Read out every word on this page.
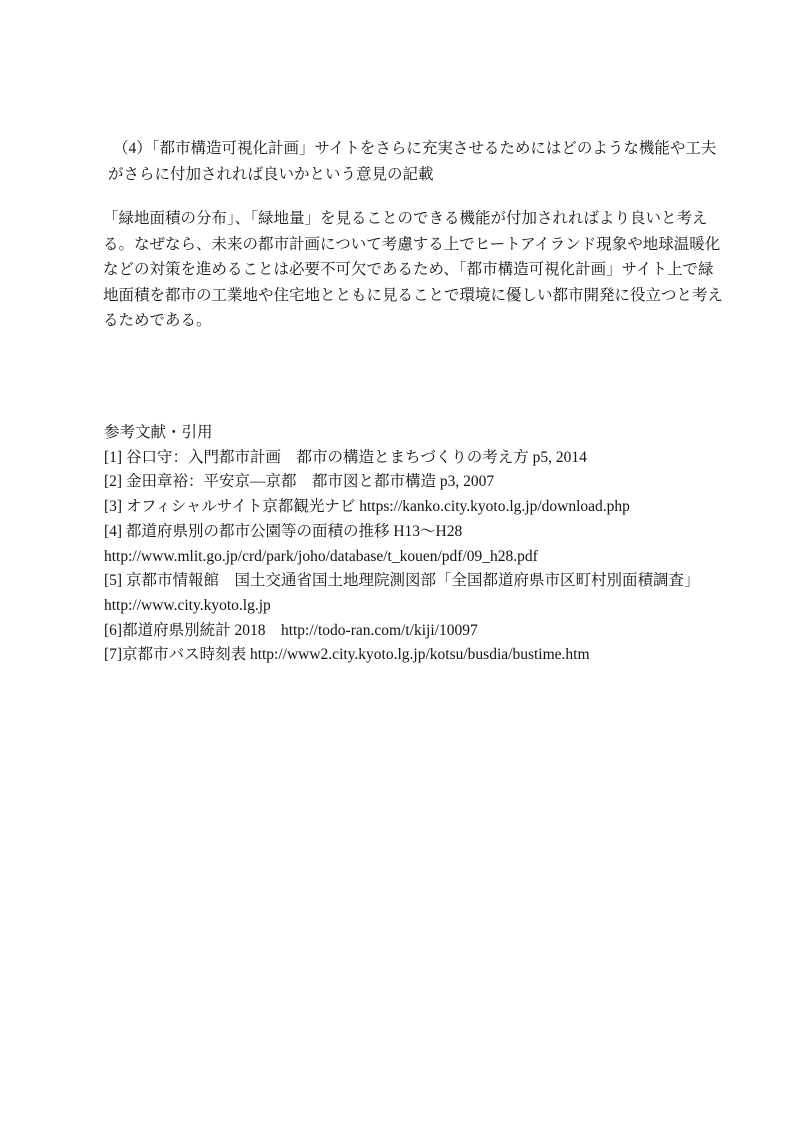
（4）「都市構造可視化計画」サイトをさらに充実させるためにはどのような機能や工夫
がさらに付加されれば良いかという意見の記載
「緑地面積の分布」、「緑地量」を見ることのできる機能が付加されればより良いと考え
る。なぜなら、未来の都市計画について考慮する上でヒートアイランド現象や地球温暖化
などの対策を進めることは必要不可欠であるため、「都市構造可視化計画」サイト上で緑
地面積を都市の工業地や住宅地とともに見ることで環境に優しい都市開発に役立つと考え
るためである。
参考文献・引用
[1] 谷口守：入門都市計画　都市の構造とまちづくりの考え方 p5, 2014
[2] 金田章裕：平安京―京都　都市図と都市構造 p3, 2007
[3] オフィシャルサイト京都観光ナビ https://kanko.city.kyoto.lg.jp/download.php
[4] 都道府県別の都市公園等の面積の推移 H13～H28
http://www.mlit.go.jp/crd/park/joho/database/t_kouen/pdf/09_h28.pdf
[5] 京都市情報館　国土交通省国土地理院測図部「全国都道府県市区町村別面積調査」
http://www.city.kyoto.lg.jp
[6]都道府県別統計 2018　http://todo-ran.com/t/kiji/10097
[7]京都市バス時刻表 http://www2.city.kyoto.lg.jp/kotsu/busdia/bustime.htm
